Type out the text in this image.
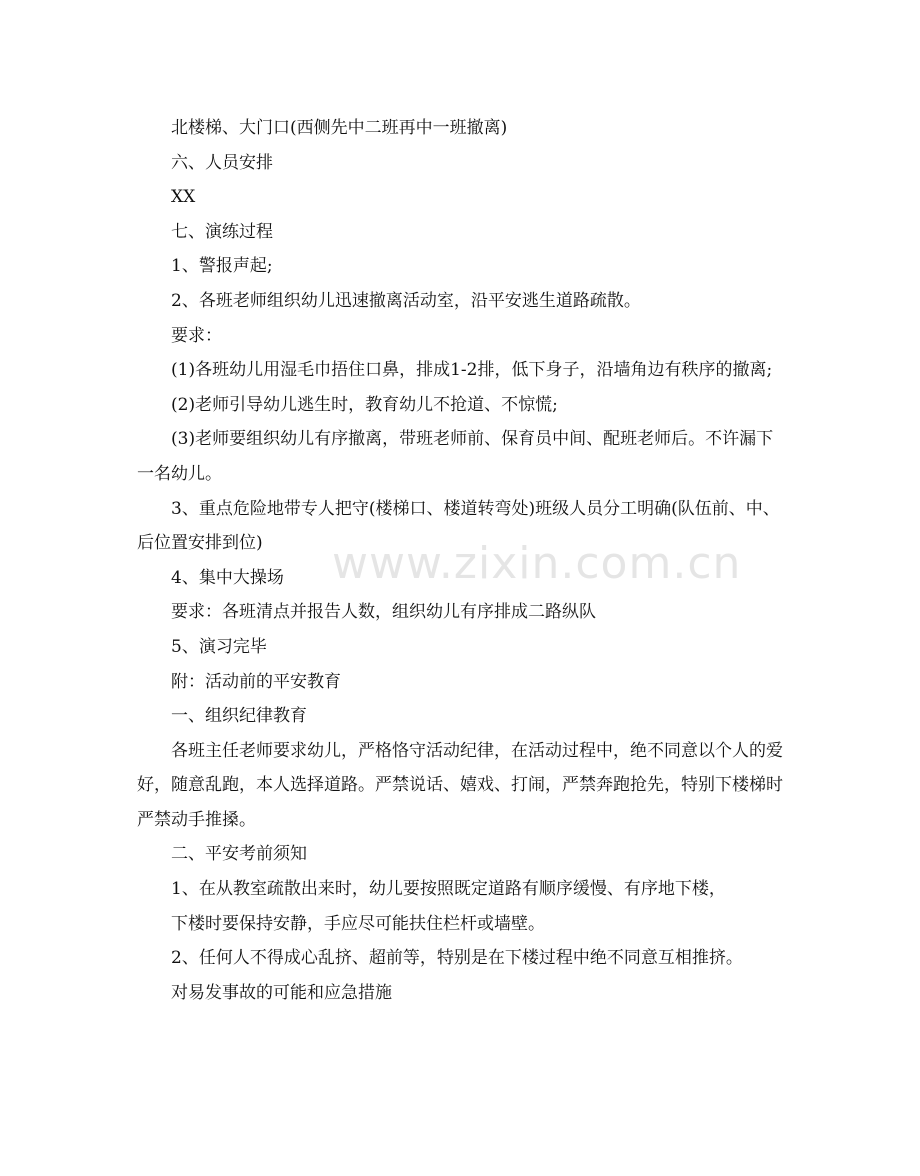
北楼梯、大门口(西侧先中二班再中一班撤离)

六、人员安排

XX

七、演练过程

1、警报声起;

2、各班老师组织幼儿迅速撤离活动室，沿平安逃生道路疏散。

要求：

(1)各班幼儿用湿毛巾捂住口鼻，排成1-2排，低下身子，沿墙角边有秩序的撤离;

(2)老师引导幼儿逃生时，教育幼儿不抢道、不惊慌;

(3)老师要组织幼儿有序撤离，带班老师前、保育员中间、配班老师后。不许漏下一名幼儿。

3、重点危险地带专人把守(楼梯口、楼道转弯处)班级人员分工明确(队伍前、中、后位置安排到位)

4、集中大操场

要求：各班清点并报告人数，组织幼儿有序排成二路纵队

5、演习完毕

附：活动前的平安教育

一、组织纪律教育

各班主任老师要求幼儿，严格恪守活动纪律，在活动过程中，绝不同意以个人的爱好，随意乱跑，本人选择道路。严禁说话、嬉戏、打闹，严禁奔跑抢先，特别下楼梯时严禁动手推搡。

二、平安考前须知

1、在从教室疏散出来时，幼儿要按照既定道路有顺序缓慢、有序地下楼，

下楼时要保持安静，手应尽可能扶住栏杆或墙壁。

2、任何人不得成心乱挤、超前等，特别是在下楼过程中绝不同意互相推挤。

对易发事故的可能和应急措施

www.zixin.com.cn
